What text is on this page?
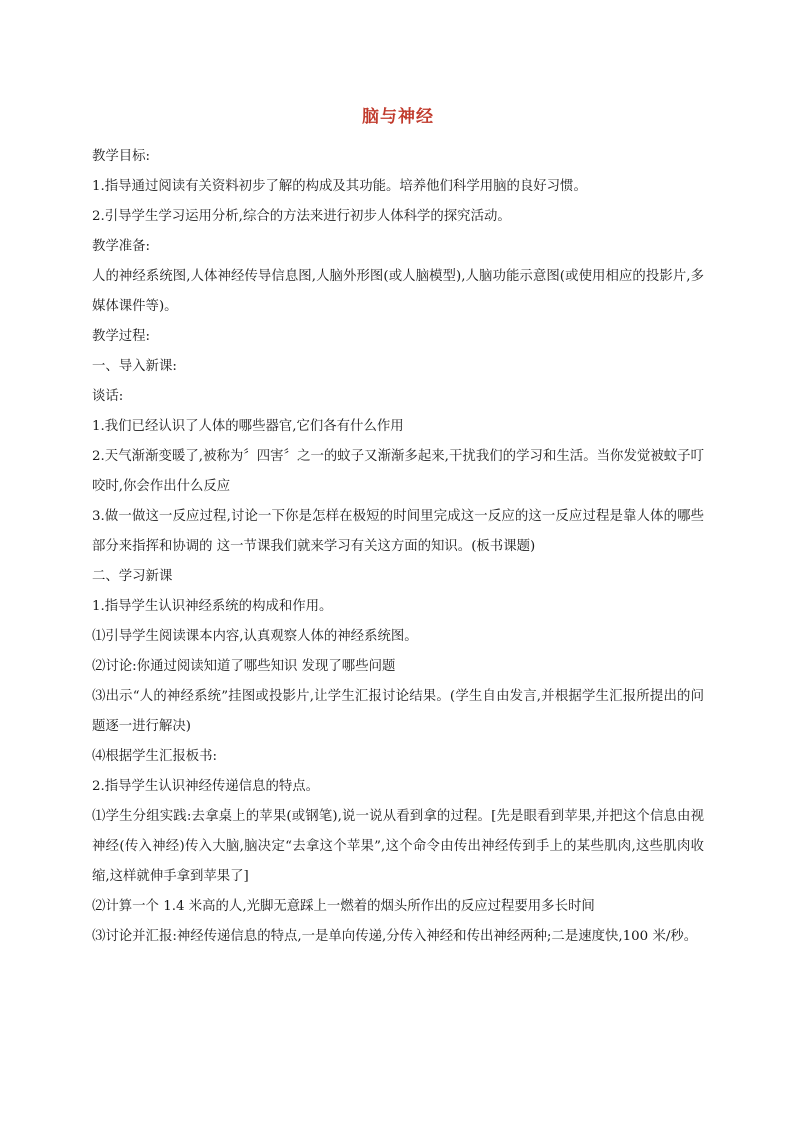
脑与神经

教学目标:

1.指导通过阅读有关资料初步了解的构成及其功能。培养他们科学用脑的良好习惯。

2.引导学生学习运用分析,综合的方法来进行初步人体科学的探究活动。

教学准备:

人的神经系统图,人体神经传导信息图,人脑外形图(或人脑模型),人脑功能示意图(或使用相应的投影片,多媒体课件等)。

教学过程:

一、导入新课:

谈话:

1.我们已经认识了人体的哪些器官,它们各有什么作用

2.天气渐渐变暖了,被称为〞四害〞之一的蚊子又渐渐多起来,干扰我们的学习和生活。当你发觉被蚊子叮咬时,你会作出什么反应

3.做一做这一反应过程,讨论一下你是怎样在极短的时间里完成这一反应的这一反应过程是靠人体的哪些部分来指挥和协调的 这一节课我们就来学习有关这方面的知识。(板书课题)

二、学习新课

1.指导学生认识神经系统的构成和作用。

⑴引导学生阅读课本内容,认真观察人体的神经系统图。

⑵讨论:你通过阅读知道了哪些知识 发现了哪些问题

⑶出示“人的神经系统”挂图或投影片,让学生汇报讨论结果。(学生自由发言,并根据学生汇报所提出的问题逐一进行解决)

⑷根据学生汇报板书:

2.指导学生认识神经传递信息的特点。

⑴学生分组实践:去拿桌上的苹果(或钢笔),说一说从看到拿的过程。[先是眼看到苹果,并把这个信息由视神经(传入神经)传入大脑,脑决定“去拿这个苹果”,这个命令由传出神经传到手上的某些肌肉,这些肌肉收缩,这样就伸手拿到苹果了]

⑵计算一个 1.4 米高的人,光脚无意踩上一燃着的烟头所作出的反应过程要用多长时间

⑶讨论并汇报:神经传递信息的特点,一是单向传递,分传入神经和传出神经两种;二是速度快,100 米/秒。
